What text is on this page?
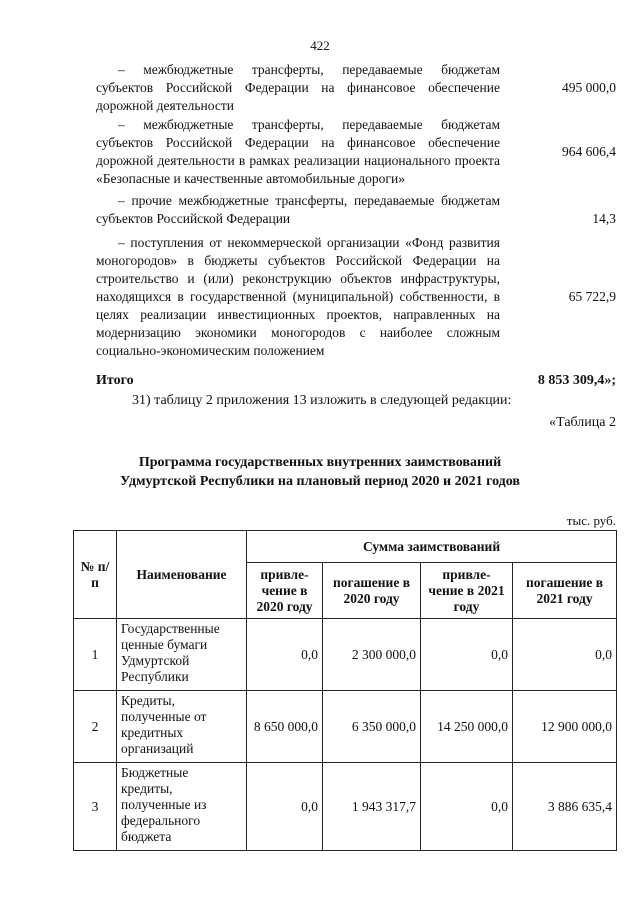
422
– межбюджетные трансферты, передаваемые бюджетам субъектов Российской Федерации на финансовое обеспечение дорожной деятельности
495 000,0
– межбюджетные трансферты, передаваемые бюджетам субъектов Российской Федерации на финансовое обеспечение дорожной деятельности в рамках реализации национального проекта «Безопасные и качественные автомобильные дороги»
964 606,4
– прочие межбюджетные трансферты, передаваемые бюджетам субъектов Российской Федерации	14,3
– поступления от некоммерческой организации «Фонд развития моногородов» в бюджеты субъектов Российской Федерации на строительство и (или) реконструкцию объектов инфраструктуры, находящихся в государственной (муниципальной) собственности, в целях реализации инвестиционных проектов, направленных на модернизацию экономики моногородов с наиболее сложным социально-экономическим положением
65 722,9
Итого	8 853 309,4»;
31) таблицу 2 приложения 13 изложить в следующей редакции:
«Таблица 2
Программа государственных внутренних заимствований
Удмуртской Республики на плановый период 2020 и 2021 годов
тыс. руб.
№ п/п	Наименование	Сумма заимствований			
		привле-чение в 2020 году	погашение в 2020 году	привле-чение в 2021 году	погашение в 2021 году
1	Государственные ценные бумаги Удмуртской Республики	0,0	2 300 000,0	0,0	0,0
2	Кредиты, полученные от кредитных организаций	8 650 000,0	6 350 000,0	14 250 000,0	12 900 000,0
3	Бюджетные кредиты, полученные из федерального бюджета	0,0	1 943 317,7	0,0	3 886 635,4
